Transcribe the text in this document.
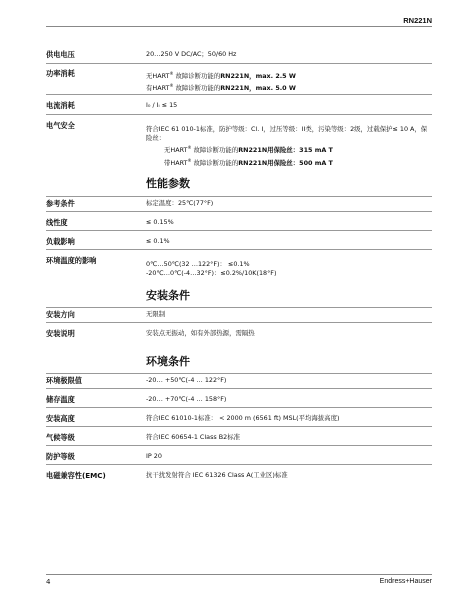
RN221N
供电电压	20…250 V DC/AC；50/60 Hz
功率消耗	无HART® 故障诊断功能的RN221N，max. 2.5 W
有HART® 故障诊断功能的RN221N，max. 5.0 W
电流消耗	I₀ / Iᵢ ≤ 15
电气安全	符合IEC 61 010-1标准，防护等级：Cl. I，过压等级：II类，污染等级：2级，过载保护≤ 10 A，保险丝：
无HART® 故障诊断功能的RN221N用保险丝：315 mA T
带HART® 故障诊断功能的RN221N用保险丝：500 mA T
性能参数
参考条件	标定温度：25℃(77°F)
线性度	≤ 0.15%
负载影响	≤ 0.1%
环境温度的影响	0℃…50℃(32 …122°F)： ≤0.1%
-20℃…0℃(-4…32°F)：≤0.2%/10K(18°F)
安装条件
安装方向	无限制
安装说明	安装点无振动，如有外部热源，需隔热
环境条件
环境极限值	-20… +50℃(-4 … 122°F)
储存温度	-20… +70℃(-4 … 158°F)
安装高度	符合IEC 61010-1标准： < 2000 m (6561 ft) MSL(平均海拔高度)
气候等级	符合IEC 60654-1 Class B2标准
防护等级	IP 20
电磁兼容性(EMC)	抗干扰发射符合 IEC 61326 Class A(工业区)标准
4	Endress+Hauser
